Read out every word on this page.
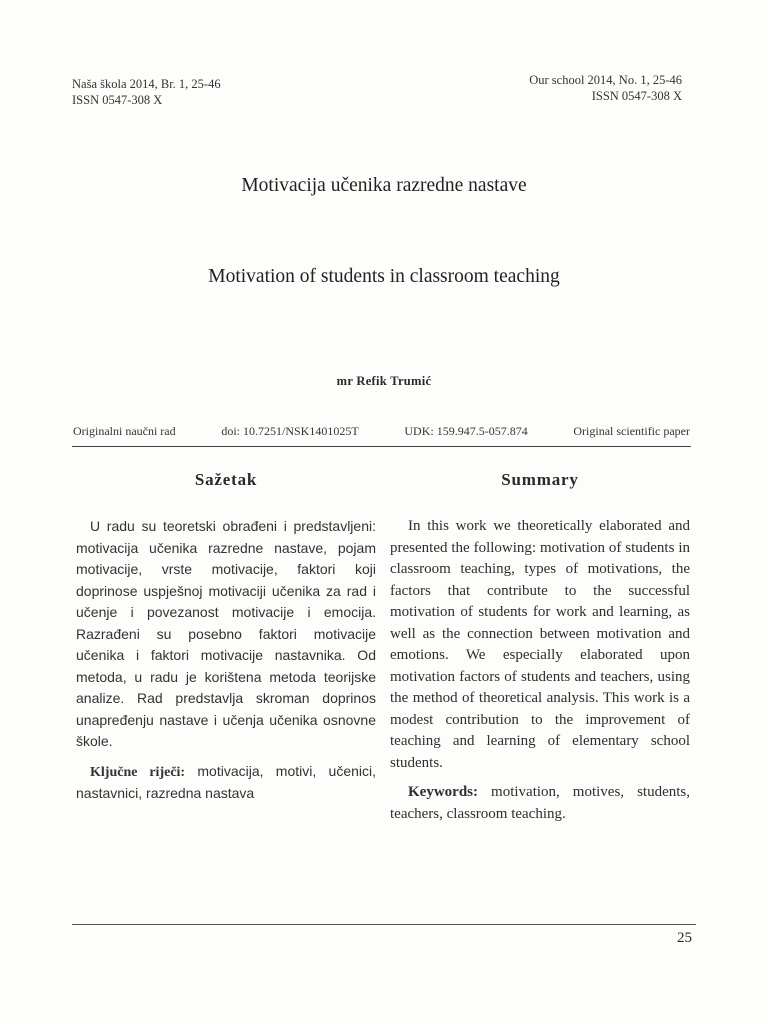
Naša škola 2014, Br. 1, 25-46
ISSN 0547-308 X
Our school 2014, No. 1, 25-46
ISSN 0547-308 X
Motivacija učenika razredne nastave
Motivation of students in classroom teaching
mr Refik Trumić
Originalni naučni rad	doi: 10.7251/NSK1401025T	UDK: 159.947.5-057.874	Original scientific paper
Sažetak

U radu su teoretski obrađeni i predstavljeni: motivacija učenika razredne nastave, pojam motivacije, vrste motivacije, faktori koji doprinose uspješnoj motivaciji učenika za rad i učenje i povezanost motivacije i emocija. Razrađeni su posebno faktori motivacije učenika i faktori motivacije nastavnika. Od metoda, u radu je korištena metoda teorijske analize. Rad predstavlja skroman doprinos unapređenju nastave i učenja učenika osnovne škole.

Ključne riječi: motivacija, motivi, učenici, nastavnici, razredna nastava

Summary

In this work we theoretically elaborated and presented the following: motivation of students in classroom teaching, types of motivations, the factors that contribute to the successful motivation of students for work and learning, as well as the connection between motivation and emotions. We especially elaborated upon motivation factors of students and teachers, using the method of theoretical analysis. This work is a modest contribution to the improvement of teaching and learning of elementary school students.

Keywords: motivation, motives, students, teachers, classroom teaching.

25
